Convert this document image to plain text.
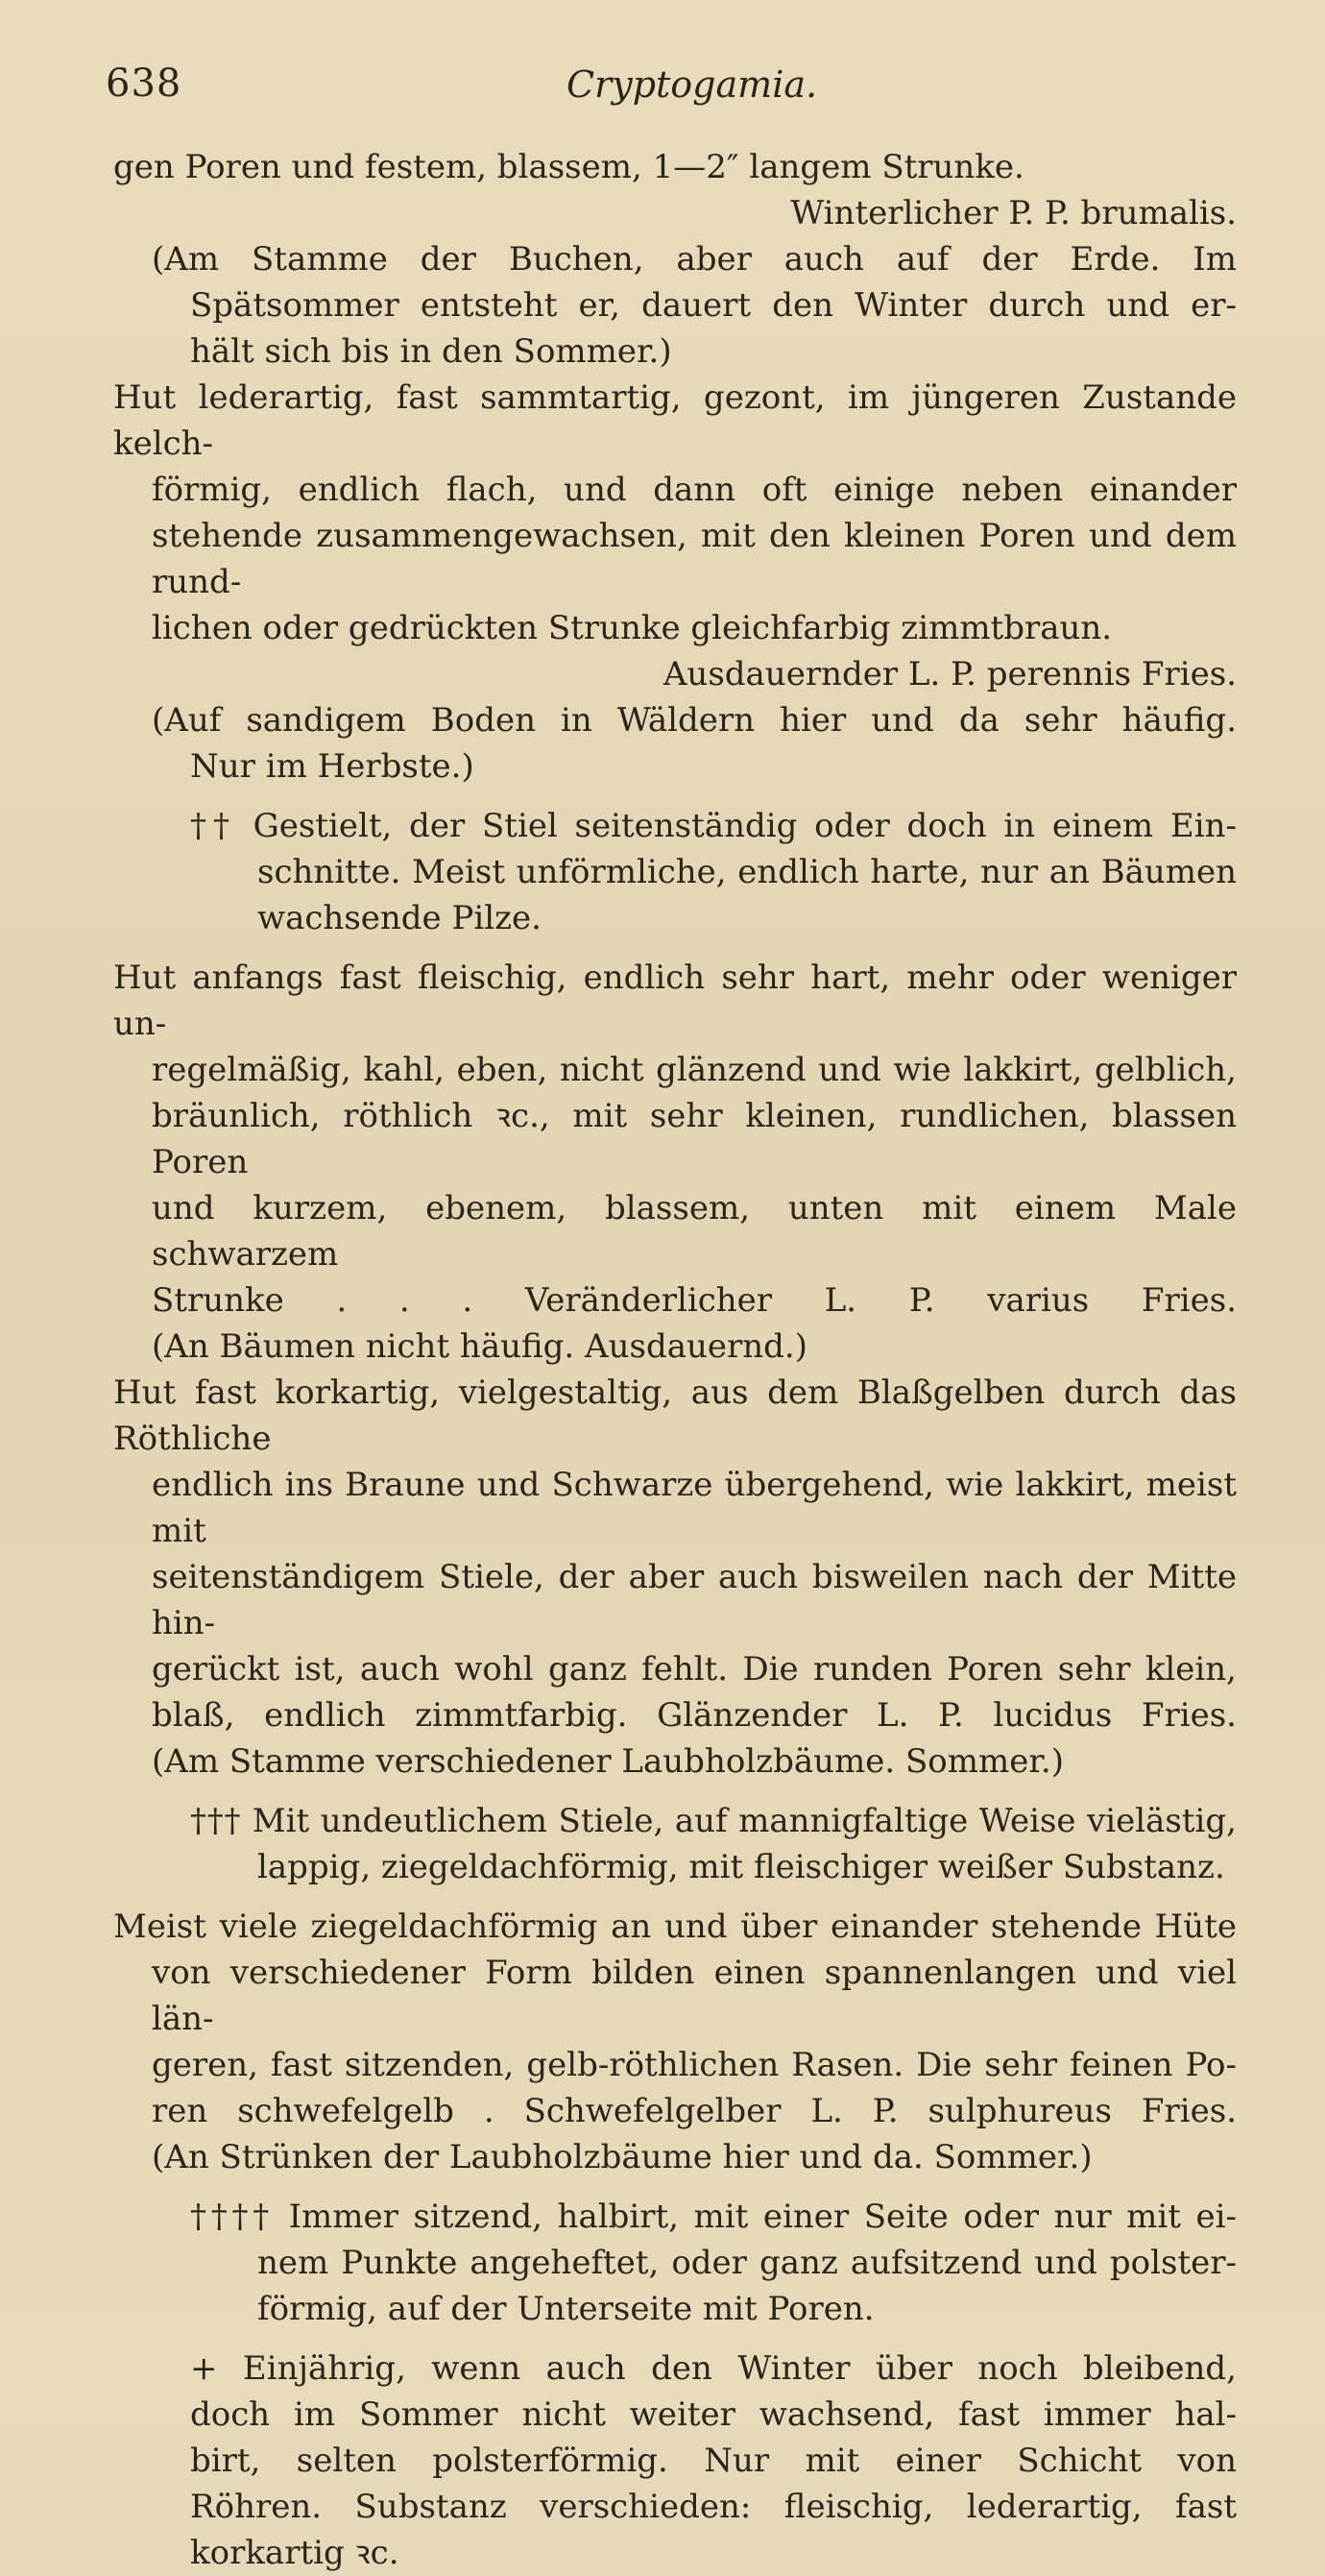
638	Cryptogamia.
gen Poren und festem, blassem, 1—2″ langem Strunke.
Winterlicher P. P. brumalis.
(Am Stamme der Buchen, aber auch auf der Erde. Im
Spätsommer entsteht er, dauert den Winter durch und er-
hält sich bis in den Sommer.)
Hut lederartig, fast sammtartig, gezont, im jüngeren Zustande kelch-
förmig, endlich flach, und dann oft einige neben einander
stehende zusammengewachsen, mit den kleinen Poren und dem rund-
lichen oder gedrückten Strunke gleichfarbig zimmtbraun.
Ausdauernder L. P. perennis Fries.
(Auf sandigem Boden in Wäldern hier und da sehr häufig.
Nur im Herbste.)
†† Gestielt, der Stiel seitenständig oder doch in einem Ein-
schnitte. Meist unförmliche, endlich harte, nur an Bäumen
wachsende Pilze.
Hut anfangs fast fleischig, endlich sehr hart, mehr oder weniger un-
regelmäßig, kahl, eben, nicht glänzend und wie lakkirt, gelblich,
bräunlich, röthlich ꝛc., mit sehr kleinen, rundlichen, blassen Poren
und kurzem, ebenem, blassem, unten mit einem Male schwarzem
Strunke . . . Veränderlicher L. P. varius Fries.
(An Bäumen nicht häufig. Ausdauernd.)
Hut fast korkartig, vielgestaltig, aus dem Blaßgelben durch das Röthliche
endlich ins Braune und Schwarze übergehend, wie lakkirt, meist mit
seitenständigem Stiele, der aber auch bisweilen nach der Mitte hin-
gerückt ist, auch wohl ganz fehlt. Die runden Poren sehr klein,
blaß, endlich zimmtfarbig. Glänzender L. P. lucidus Fries.
(Am Stamme verschiedener Laubholzbäume. Sommer.)
††† Mit undeutlichem Stiele, auf mannigfaltige Weise vielästig,
lappig, ziegeldachförmig, mit fleischiger weißer Substanz.
Meist viele ziegeldachförmig an und über einander stehende Hüte
von verschiedener Form bilden einen spannenlangen und viel län-
geren, fast sitzenden, gelb-röthlichen Rasen. Die sehr feinen Po-
ren schwefelgelb . Schwefelgelber L. P. sulphureus Fries.
(An Strünken der Laubholzbäume hier und da. Sommer.)
†††† Immer sitzend, halbirt, mit einer Seite oder nur mit ei-
nem Punkte angeheftet, oder ganz aufsitzend und polster-
förmig, auf der Unterseite mit Poren.
+ Einjährig, wenn auch den Winter über noch bleibend,
doch im Sommer nicht weiter wachsend, fast immer hal-
birt, selten polsterförmig. Nur mit einer Schicht von
Röhren. Substanz verschieden: fleischig, lederartig, fast
korkartig ꝛc.
